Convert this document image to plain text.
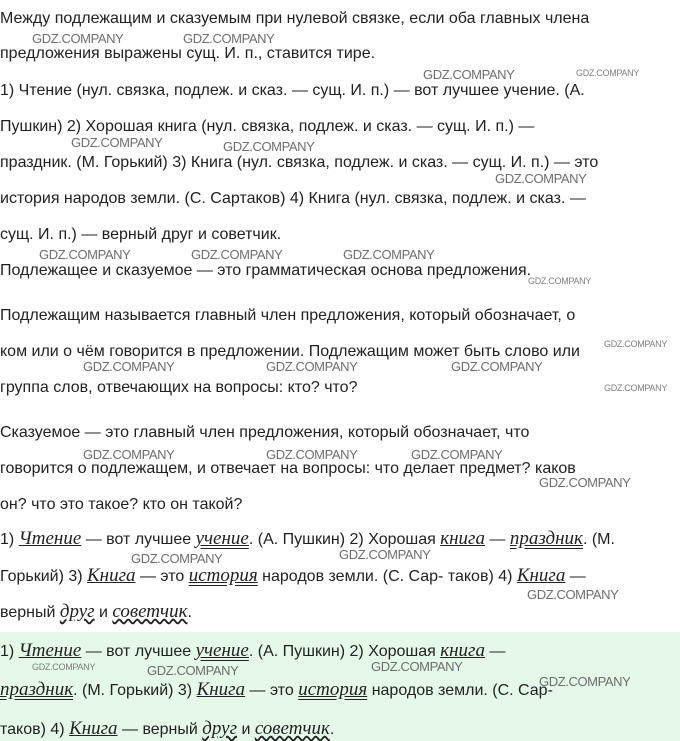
Между подлежащим и сказуемым при нулевой связке, если оба главных члена
предложения выражены сущ. И. п., ставится тире.
1) Чтение (нул. связка, подлеж. и сказ. — сущ. И. п.) — вот лучшее учение. (А.
Пушкин) 2) Хорошая книга (нул. связка, подлеж. и сказ. — сущ. И. п.) —
праздник. (М. Горький) 3) Книга (нул. связка, подлеж. и сказ. — сущ. И. п.) — это
история народов земли. (С. Сартаков) 4) Книга (нул. связка, подлеж. и сказ. —
сущ. И. п.) — верный друг и советчик.
Подлежащее и сказуемое — это грамматическая основа предложения.
Подлежащим называется главный член предложения, который обозначает, о
ком или о чём говорится в предложении. Подлежащим может быть слово или
группа слов, отвечающих на вопросы: кто? что?
Сказуемое — это главный член предложения, который обозначает, что
говорится о подлежащем, и отвечает на вопросы: что делает предмет? каков
он? что это такое? кто он такой?
1) Чтение — вот лучшее учение. (А. Пушкин) 2) Хорошая книга — праздник. (М.
Горький) 3) Книга — это история народов земли. (С. Сар- таков) 4) Книга —
верный друг и советчик.
1) Чтение — вот лучшее учение. (А. Пушкин) 2) Хорошая книга —
праздник. (М. Горький) 3) Книга — это история народов земли. (С. Сар-
таков) 4) Книга — верный друг и советчик.
GDZ.COMPANY	GDZ.COMPANY
GDZ.COMPANY	GDZ.COMPANY
GDZ.COMPANY	GDZ.COMPANY
GDZ.COMPANY
GDZ.COMPANY	GDZ.COMPANY	GDZ.COMPANY
GDZ.COMPANY
GDZ.COMPANY
GDZ.COMPANY	GDZ.COMPANY	GDZ.COMPANY
GDZ.COMPANY
GDZ.COMPANY	GDZ.COMPANY	GDZ.COMPANY
GDZ.COMPANY
GDZ.COMPANY	GDZ.COMPANY
GDZ.COMPANY
GDZ.COMPANY	GDZ.COMPANY	GDZ.COMPANY
GDZ.COMPANY
